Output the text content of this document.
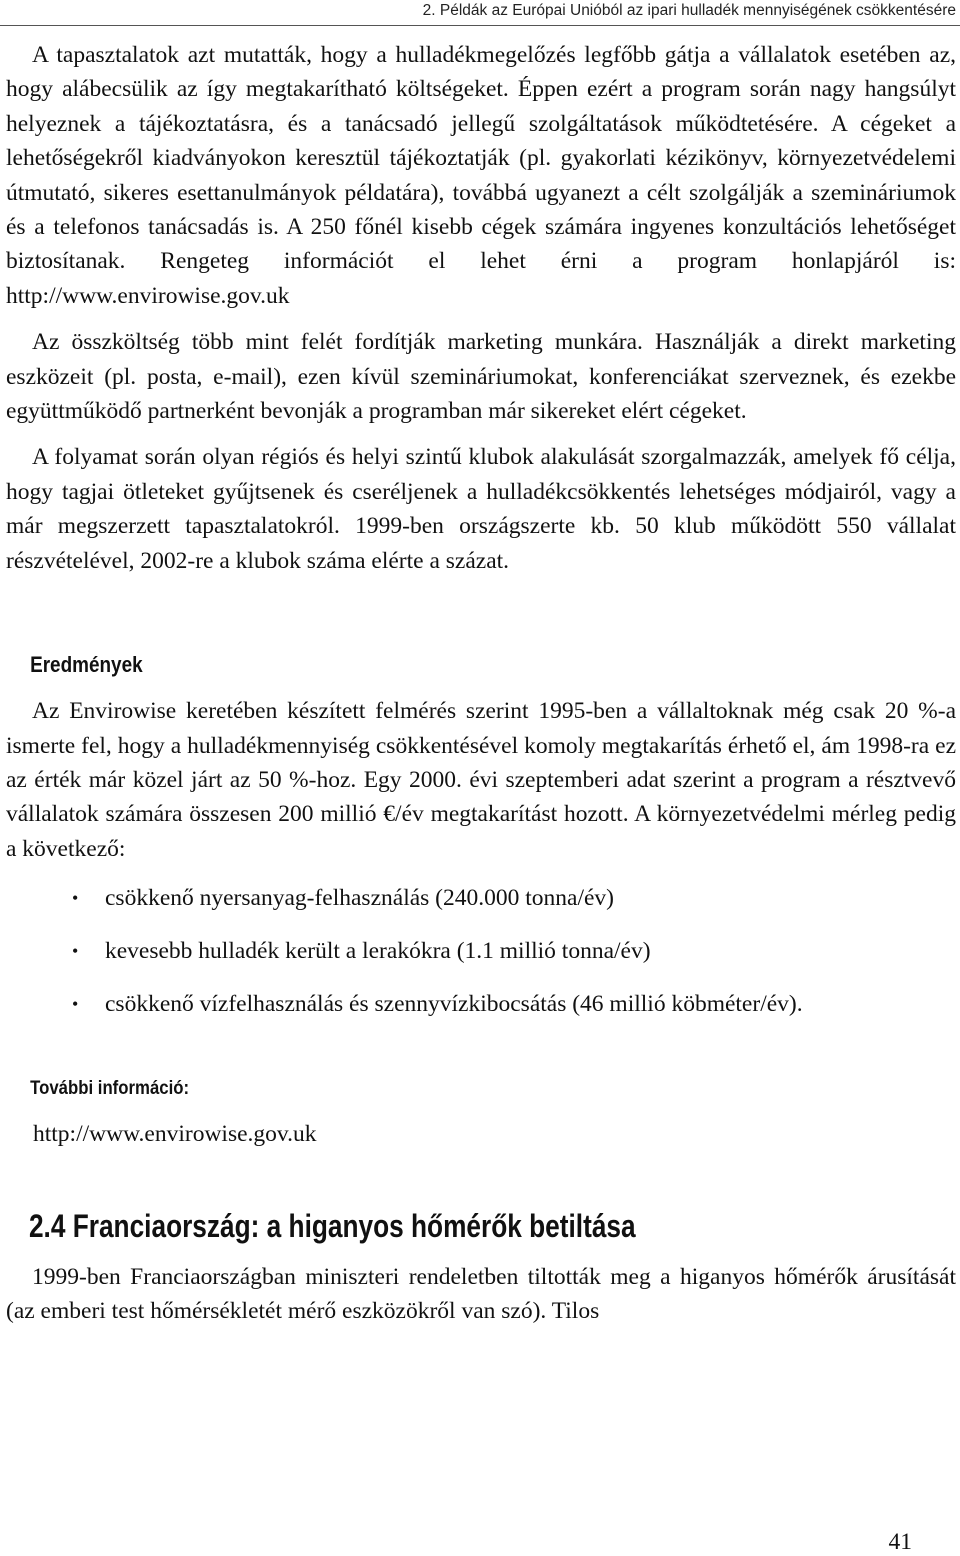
2. Példák az Európai Unióból az ipari hulladék mennyiségének csökkentésére

A tapasztalatok azt mutatták, hogy a hulladékmegelőzés legfőbb gátja a vállalatok esetében az, hogy alábecsülik az így megtakarítható költségeket. Éppen ezért a program során nagy hangsúlyt helyeznek a tájékoztatásra, és a tanácsadó jellegű szolgáltatások működtetésére. A cégeket a lehetőségekről kiadványokon keresztül tájékoztatják (pl. gyakorlati kézikönyv, környezetvédelemi útmutató, sikeres esettanulmányok példatára), továbbá ugyanezt a célt szolgálják a szemináriumok és a telefonos tanácsadás is. A 250 főnél kisebb cégek számára ingyenes konzultációs lehetőséget biztosítanak. Rengeteg információt el lehet érni a program honlapjáról is: http://www.envirowise.gov.uk

Az összköltség több mint felét fordítják marketing munkára. Használják a direkt marketing eszközeit (pl. posta, e-mail), ezen kívül szemináriumokat, konferenciákat szerveznek, és ezekbe együttműködő partnerként bevonják a programban már sikereket elért cégeket.

A folyamat során olyan régiós és helyi szintű klubok alakulását szorgalmazzák, amelyek fő célja, hogy tagjai ötleteket gyűjtsenek és cseréljenek a hulladékcsökkentés lehetséges módjairól, vagy a már megszerzett tapasztalatokról. 1999-ben országszerte kb. 50 klub működött 550 vállalat részvételével, 2002-re a klubok száma elérte a százat.

Eredmények

Az Envirowise keretében készített felmérés szerint 1995-ben a vállaltoknak még csak 20 %-a ismerte fel, hogy a hulladékmennyiség csökkentésével komoly megtakarítás érhető el, ám 1998-ra ez az érték már közel járt az 50 %-hoz. Egy 2000. évi szeptemberi adat szerint a program a résztvevő vállalatok számára összesen 200 millió €/év megtakarítást hozott. A környezetvédelmi mérleg pedig a következő:

• csökkenő nyersanyag-felhasználás (240.000 tonna/év)
• kevesebb hulladék került a lerakókra (1.1 millió tonna/év)
• csökkenő vízfelhasználás és szennyvízkibocsátás (46 millió köbméter/év).
További információ:
http://www.envirowise.gov.uk
2.4 Franciaország: a higanyos hőmérők betiltása

1999-ben Franciaországban miniszteri rendeletben tiltották meg a higanyos hőmérők árusítását (az emberi test hőmérsékletét mérő eszközökről van szó). Tilos

41
